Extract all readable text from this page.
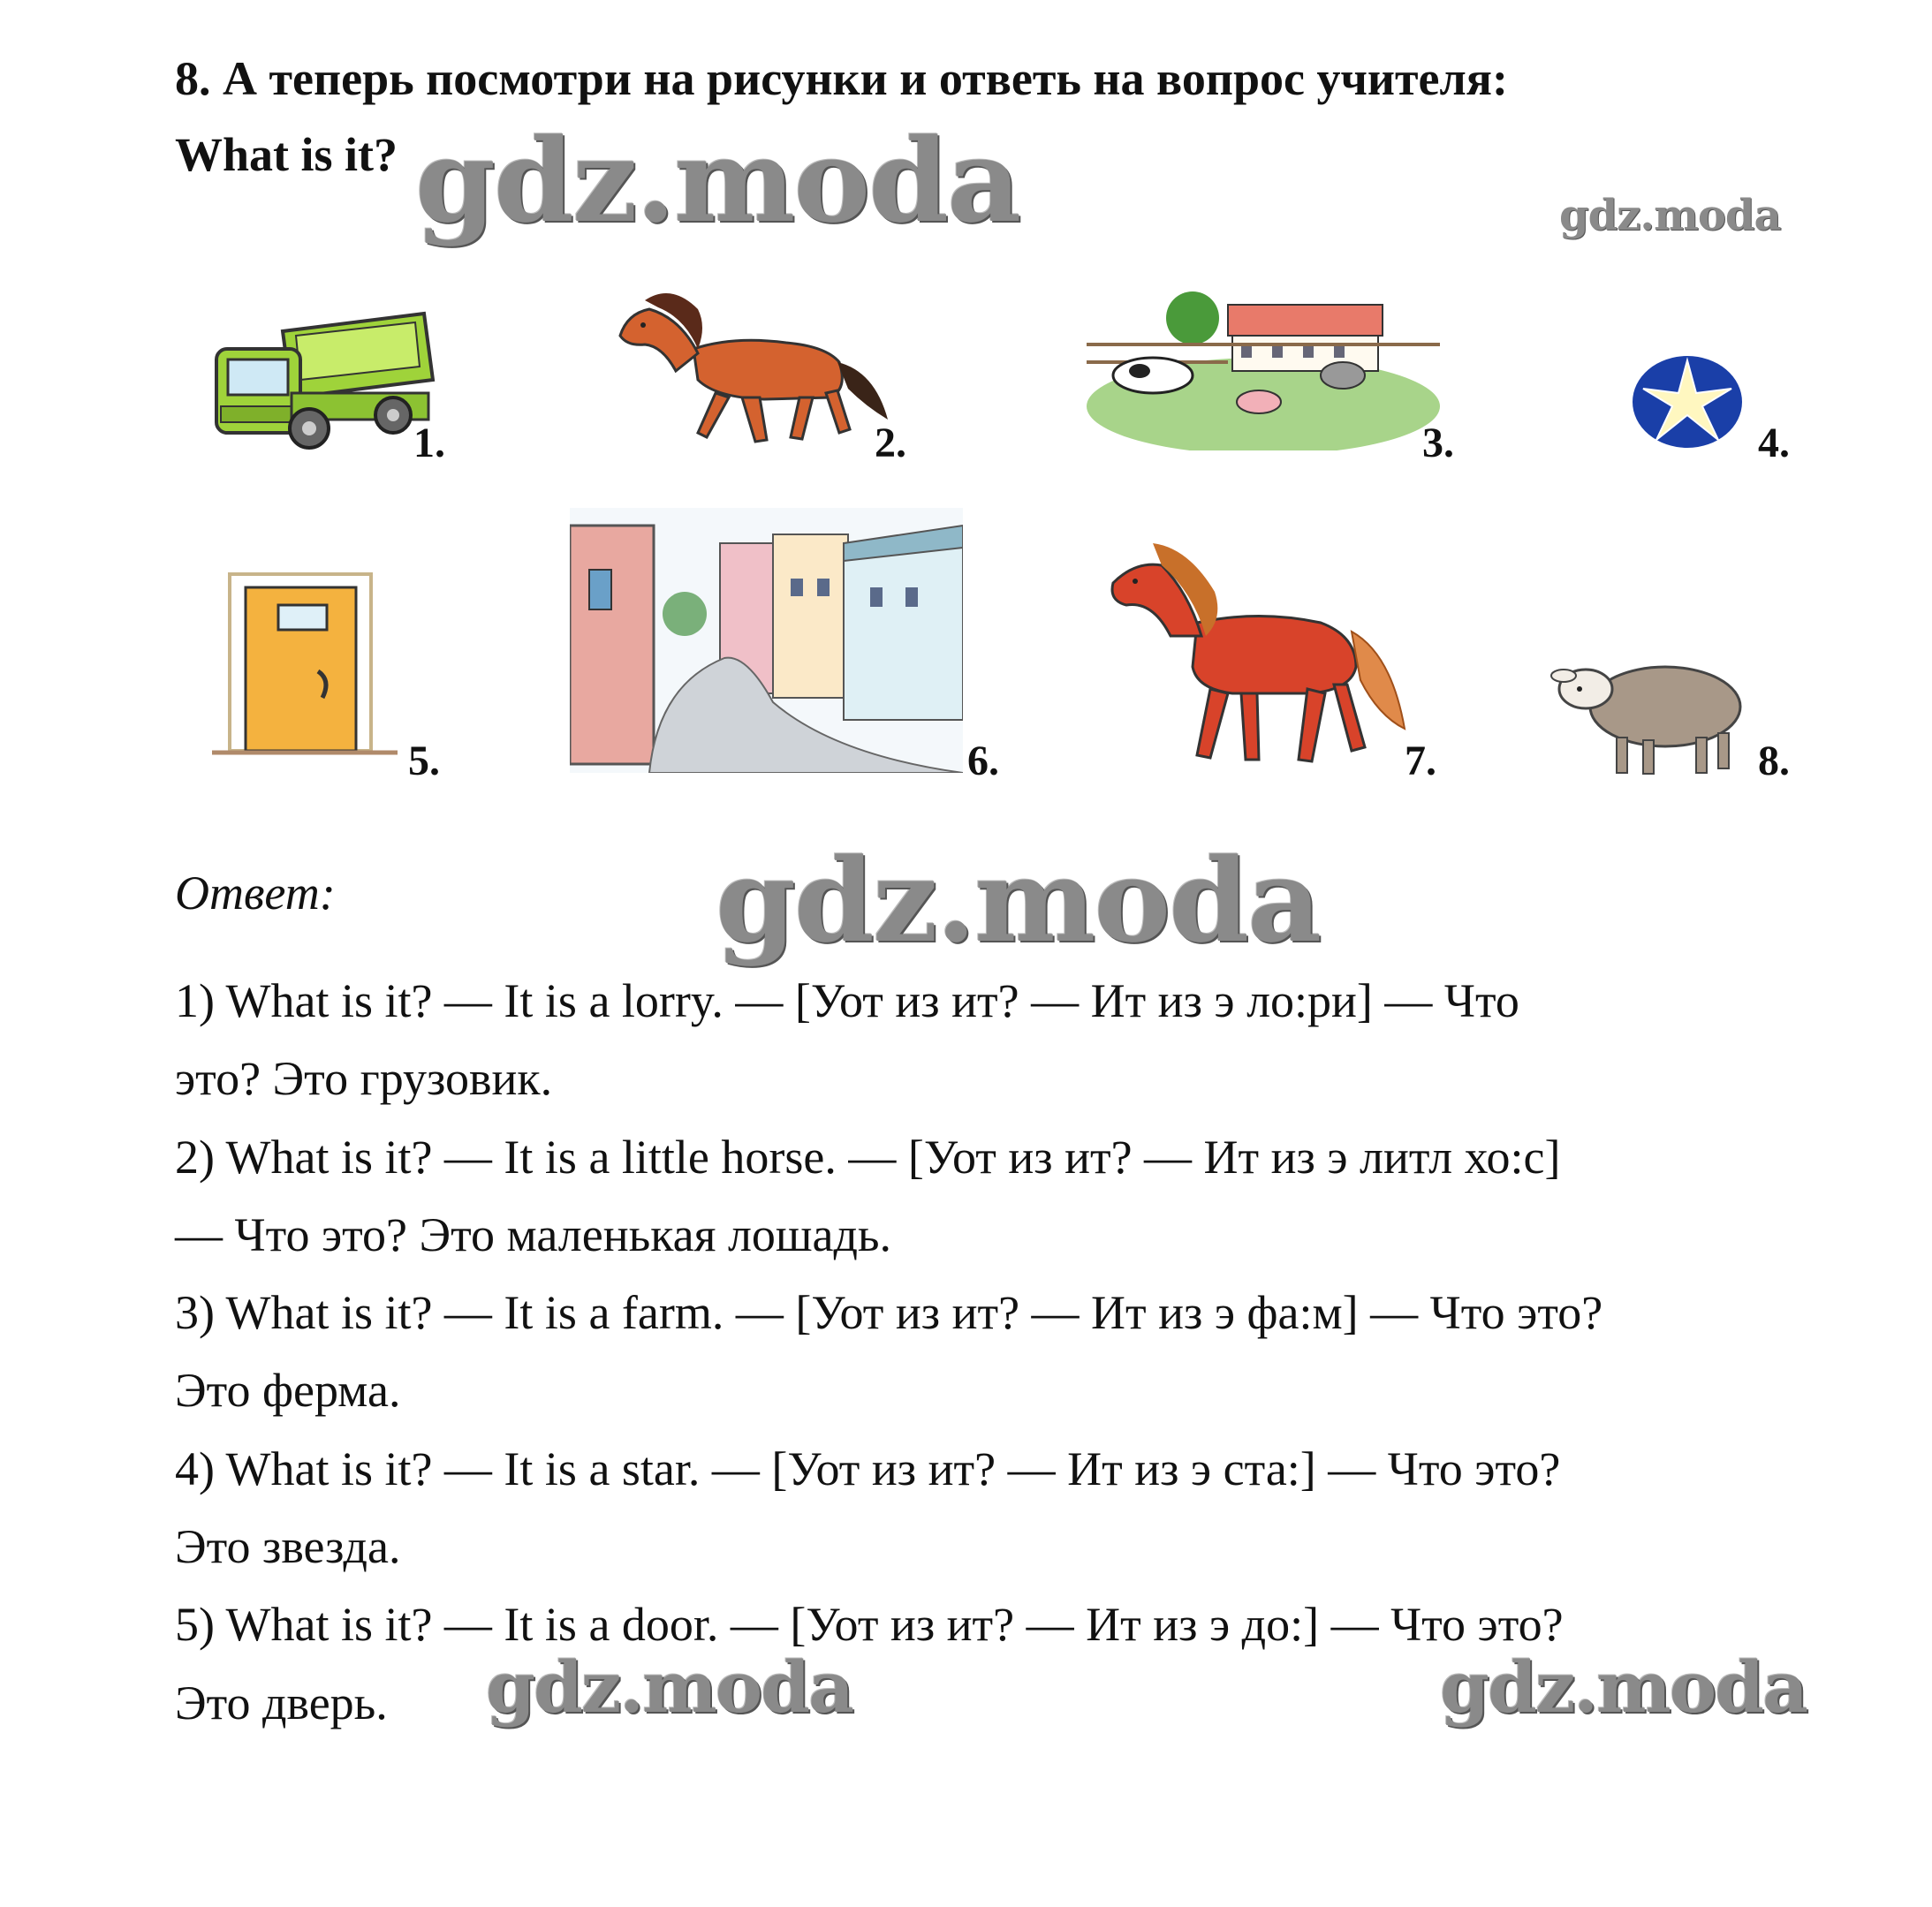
8. А теперь посмотри на рисунки и ответь на вопрос учителя:
What is it? gdz.moda	gdz.moda
1.	2.	3.	4.
5.	6.	7.	8.
Ответ:	gdz.moda
1) What is it? — It is a lorry. — [Уот из ит? — Ит из э ло:ри] — Что
это? Это грузовик.
2) What is it? — It is a little horse. — [Уот из ит? — Ит из э литл хо:с]
— Что это? Это маленькая лошадь.
3) What is it? — It is a farm. — [Уот из ит? — Ит из э фа:м] — Что это?
Это ферма.
4) What is it? — It is a star. — [Уот из ит? — Ит из э ста:] — Что это?
Это звезда.
5) What is it? — It is a door. — [Уот из ит? — Ит из э до:] — Что это?
Это дверь. gdz.moda	gdz.moda
